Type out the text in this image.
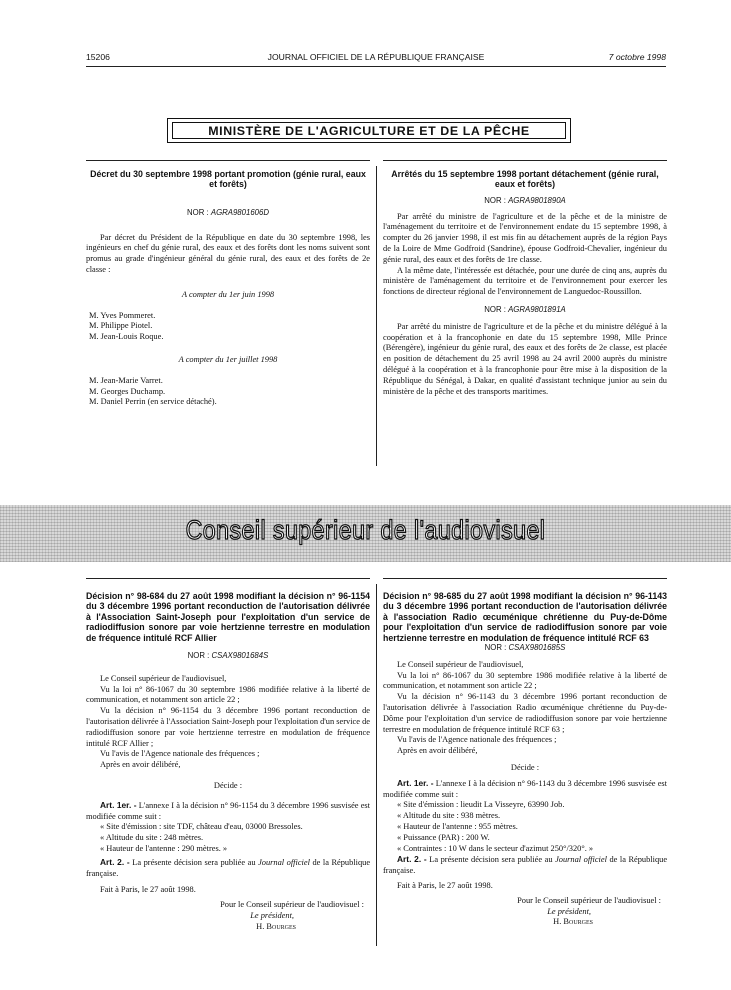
15206	JOURNAL OFFICIEL DE LA RÉPUBLIQUE FRANÇAISE	7 octobre 1998
MINISTÈRE DE L'AGRICULTURE ET DE LA PÊCHE
Décret du 30 septembre 1998 portant promotion (génie rural, eaux et forêts)
NOR : AGRA9801606D

Par décret du Président de la République en date du 30 septembre 1998, les ingénieurs en chef du génie rural, des eaux et des forêts dont les noms suivent sont promus au grade d'ingénieur général du génie rural, des eaux et des forêts de 2e classe :

A compter du 1er juin 1998

M. Yves Pommeret.
M. Philippe Piotel.
M. Jean-Louis Roque.

A compter du 1er juillet 1998

M. Jean-Marie Varret.
M. Georges Duchamp.
M. Daniel Perrin (en service détaché).
Arrêtés du 15 septembre 1998 portant détachement (génie rural, eaux et forêts)
NOR : AGRA9801890A

Par arrêté du ministre de l'agriculture et de la pêche et de la ministre de l'aménagement du territoire et de l'environnement endate du 15 septembre 1998, à compter du 26 janvier 1998, il est mis fin au détachement auprès de la région Pays de la Loire de Mme Godfroid (Sandrine), épouse Godfroid-Chevalier, ingénieur du génie rural, des eaux et des forêts de 1re classe.

A la même date, l'intéressée est détachée, pour une durée de cinq ans, auprès du ministère de l'aménagement du territoire et de l'environnement pour exercer les fonctions de directeur régional de l'environnement de Languedoc-Roussillon.

NOR : AGRA9801891A

Par arrêté du ministre de l'agriculture et de la pêche et du ministre délégué à la coopération et à la francophonie en date du 15 septembre 1998, Mlle Prince (Bérengère), ingénieur du génie rural, des eaux et des forêts de 2e classe, est placée en position de détachement du 25 avril 1998 au 24 avril 2000 auprès du ministre délégué à la coopération et à la francophonie pour être mise à la disposition de la République du Sénégal, à Dakar, en qualité d'assistant technique junior au sein du ministère de la pêche et des transports maritimes.

Conseil supérieur de l'audiovisuel
Décision n° 98-684 du 27 août 1998 modifiant la décision n° 96-1154 du 3 décembre 1996 portant reconduction de l'autorisation délivrée à l'Association Saint-Joseph pour l'exploitation d'un service de radiodiffusion sonore par voie hertzienne terrestre en modulation de fréquence intitulé RCF Allier
NOR : CSAX9801684S

Le Conseil supérieur de l'audiovisuel,

Vu la loi n° 86-1067 du 30 septembre 1986 modifiée relative à la liberté de communication, et notamment son article 22 ;

Vu la décision n° 96-1154 du 3 décembre 1996 portant reconduction de l'autorisation délivrée à l'Association Saint-Joseph pour l'exploitation d'un service de radiodiffusion sonore par voie hertzienne terrestre en modulation de fréquence intitulé RCF Allier ;

Vu l'avis de l'Agence nationale des fréquences ;

Après en avoir délibéré,

Décide :

Art. 1er. - L'annexe I à la décision n° 96-1154 du 3 décembre 1996 susvisée est modifiée comme suit :

« Site d'émission : site TDF, château d'eau, 03000 Bressoles.
« Altitude du site : 248 mètres.
« Hauteur de l'antenne : 290 mètres. »

Art. 2. - La présente décision sera publiée au Journal officiel de la République française.

Fait à Paris, le 27 août 1998.

Pour le Conseil supérieur de l'audiovisuel :
Le président,
H. Bourges
Décision n° 98-685 du 27 août 1998 modifiant la décision n° 96-1143 du 3 décembre 1996 portant reconduction de l'autorisation délivrée à l'association Radio œcuménique chrétienne du Puy-de-Dôme pour l'exploitation d'un service de radiodiffusion sonore par voie hertzienne terrestre en modulation de fréquence intitulé RCF 63
NOR : CSAX9801685S

Le Conseil supérieur de l'audiovisuel,

Vu la loi n° 86-1067 du 30 septembre 1986 modifiée relative à la liberté de communication, et notamment son article 22 ;

Vu la décision n° 96-1143 du 3 décembre 1996 portant reconduction de l'autorisation délivrée à l'association Radio œcuménique chrétienne du Puy-de-Dôme pour l'exploitation d'un service de radiodiffusion sonore par voie hertzienne terrestre en modulation de fréquence intitulé RCF 63 ;

Vu l'avis de l'Agence nationale des fréquences ;

Après en avoir délibéré,

Décide :

Art. 1er. - L'annexe I à la décision n° 96-1143 du 3 décembre 1996 susvisée est modifiée comme suit :

« Site d'émission : lieudit La Visseyre, 63990 Job.
« Altitude du site : 938 mètres.
« Hauteur de l'antenne : 955 mètres.
« Puissance (PAR) : 200 W.
« Contraintes : 10 W dans le secteur d'azimut 250°/320°. »

Art. 2. - La présente décision sera publiée au Journal officiel de la République française.

Fait à Paris, le 27 août 1998.

Pour le Conseil supérieur de l'audiovisuel :
Le président,
H. Bourges
